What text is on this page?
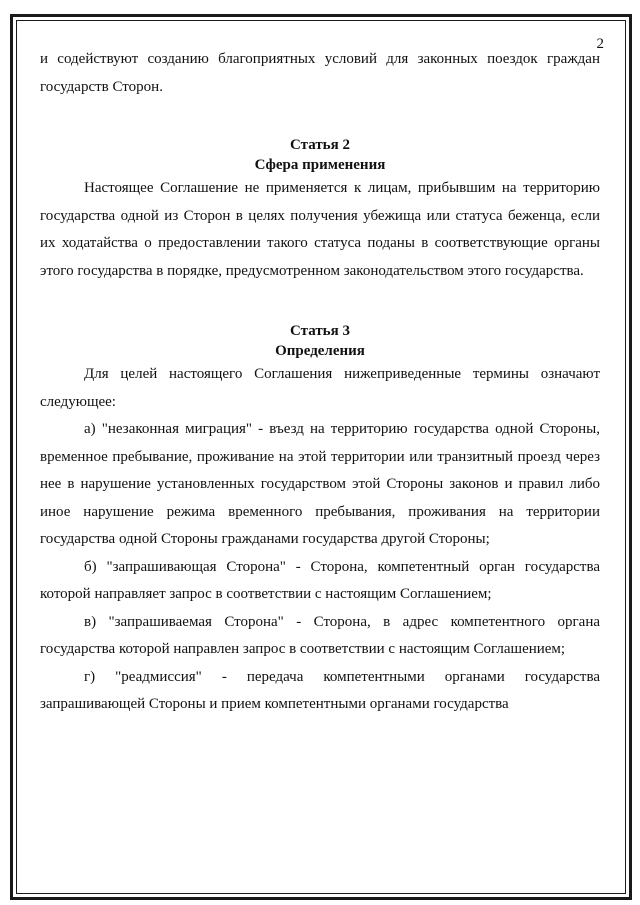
2

и содействуют созданию благоприятных условий для законных поездок граждан государств Сторон.

Статья 2
Сфера применения

Настоящее Соглашение не применяется к лицам, прибывшим на территорию государства одной из Сторон в целях получения убежища или статуса беженца, если их ходатайства о предоставлении такого статуса поданы в соответствующие органы этого государства в порядке, предусмотренном законодательством этого государства.

Статья 3
Определения

Для целей настоящего Соглашения нижеприведенные термины означают следующее:

а) "незаконная миграция" - въезд на территорию государства одной Стороны, временное пребывание, проживание на этой территории или транзитный проезд через нее в нарушение установленных государством этой Стороны законов и правил либо иное нарушение режима временного пребывания, проживания на территории государства одной Стороны гражданами государства другой Стороны;

б) "запрашивающая Сторона" - Сторона, компетентный орган государства которой направляет запрос в соответствии с настоящим Соглашением;

в) "запрашиваемая Сторона" - Сторона, в адрес компетентного органа государства которой направлен запрос в соответствии с настоящим Соглашением;

г) "реадмиссия" - передача компетентными органами государства запрашивающей Стороны и прием компетентными органами государства
